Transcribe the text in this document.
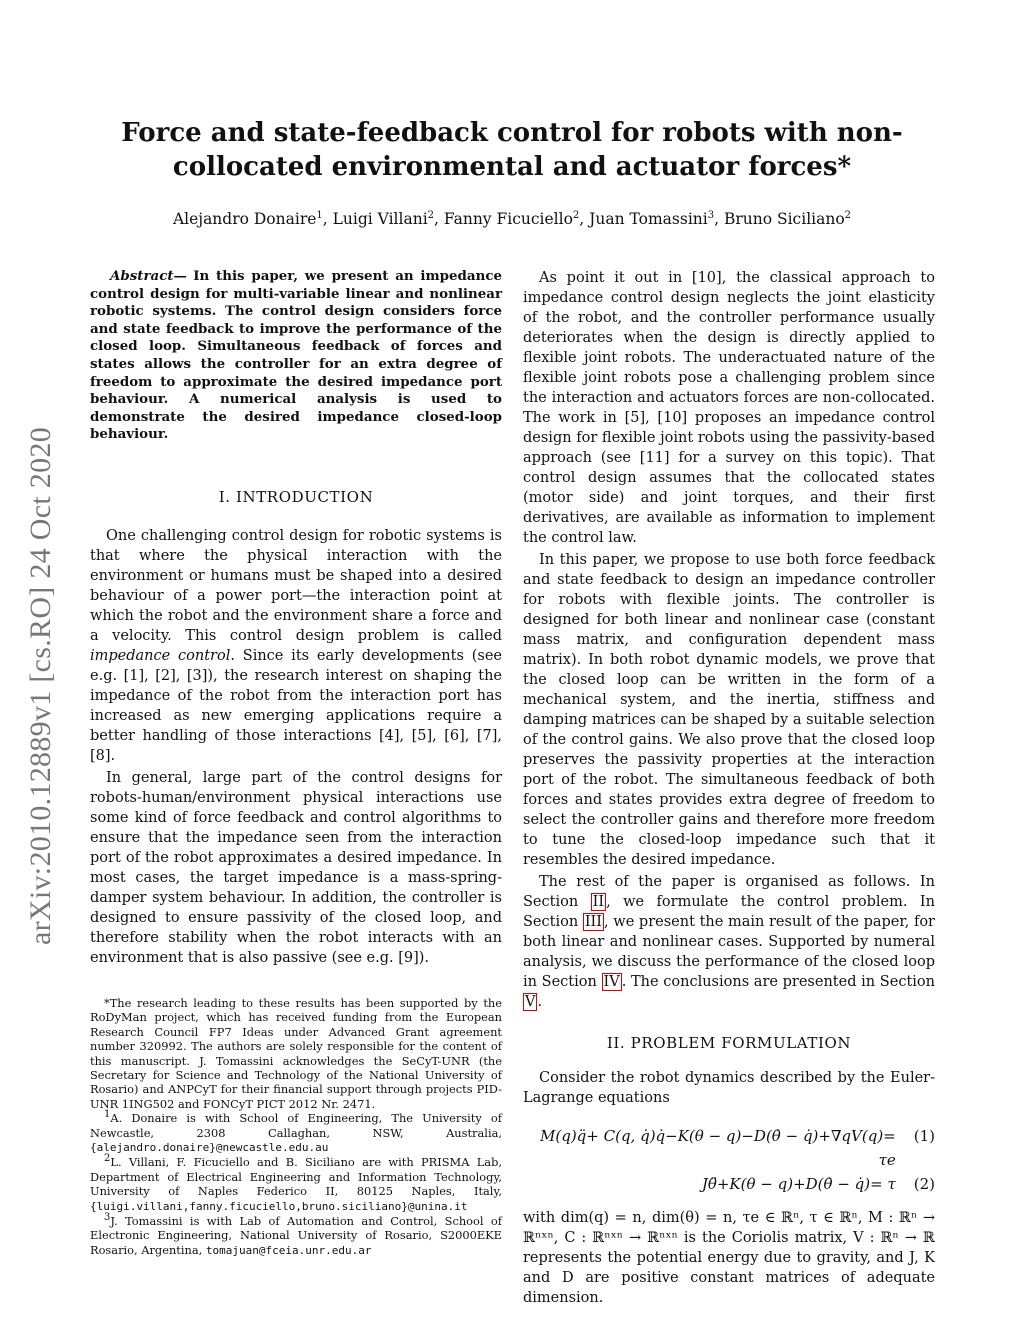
Force and state-feedback control for robots with non-collocated environmental and actuator forces*
Alejandro Donaire$^1$, Luigi Villani$^2$, Fanny Ficuciello$^2$, Juan Tomassini$^3$, Bruno Siciliano$^2$
arXiv:2010.12889v1 [cs.RO] 24 Oct 2020

Abstract— In this paper, we present an impedance control design for multi-variable linear and nonlinear robotic systems. The control design considers force and state feedback to improve the performance of the closed loop. Simultaneous feedback of forces and states allows the controller for an extra degree of freedom to approximate the desired impedance port behaviour. A numerical analysis is used to demonstrate the desired impedance closed-loop behaviour.

I. INTRODUCTION

One challenging control design for robotic systems is that where the physical interaction with the environment or humans must be shaped into a desired behaviour of a power port—the interaction point at which the robot and the environment share a force and a velocity. This control design problem is called impedance control. Since its early developments (see e.g. [1], [2], [3]), the research interest on shaping the impedance of the robot from the interaction port has increased as new emerging applications require a better handling of those interactions [4], [5], [6], [7], [8].

In general, large part of the control designs for robots-human/environment physical interactions use some kind of force feedback and control algorithms to ensure that the impedance seen from the interaction port of the robot approximates a desired impedance. In most cases, the target impedance is a mass-spring-damper system behaviour. In addition, the controller is designed to ensure passivity of the closed loop, and therefore stability when the robot interacts with an environment that is also passive (see e.g. [9]).

*The research leading to these results has been supported by the RoDyMan project, which has received funding from the European Research Council FP7 Ideas under Advanced Grant agreement number 320992. The authors are solely responsible for the content of this manuscript. J. Tomassini acknowledges the SeCyT-UNR (the Secretary for Science and Technology of the National University of Rosario) and ANPCyT for their financial support through projects PID-UNR 1ING502 and FONCyT PICT 2012 Nr. 2471.

$^1$A. Donaire is with School of Engineering, The University of Newcastle, 2308 Callaghan, NSW, Australia, {alejandro.donaire}@newcastle.edu.au

$^2$L. Villani, F. Ficuciello and B. Siciliano are with PRISMA Lab, Department of Electrical Engineering and Information Technology, University of Naples Federico II, 80125 Naples, Italy, {luigi.villani,fanny.ficuciello,bruno.siciliano}@unina.it

$^3$J. Tomassini is with Lab of Automation and Control, School of Electronic Engineering, National University of Rosario, S2000EKE Rosario, Argentina, tomajuan@fceia.unr.edu.ar

As point it out in [10], the classical approach to impedance control design neglects the joint elasticity of the robot, and the controller performance usually deteriorates when the design is directly applied to flexible joint robots. The underactuated nature of the flexible joint robots pose a challenging problem since the interaction and actuators forces are non-collocated. The work in [5], [10] proposes an impedance control design for flexible joint robots using the passivity-based approach (see [11] for a survey on this topic). That control design assumes that the collocated states (motor side) and joint torques, and their first derivatives, are available as information to implement the control law.

In this paper, we propose to use both force feedback and state feedback to design an impedance controller for robots with flexible joints. The controller is designed for both linear and nonlinear case (constant mass matrix, and configuration dependent mass matrix). In both robot dynamic models, we prove that the closed loop can be written in the form of a mechanical system, and the inertia, stiffness and damping matrices can be shaped by a suitable selection of the control gains. We also prove that the closed loop preserves the passivity properties at the interaction port of the robot. The simultaneous feedback of both forces and states provides extra degree of freedom to select the controller gains and therefore more freedom to tune the closed-loop impedance such that it resembles the desired impedance.

The rest of the paper is organised as follows. In Section II , we formulate the control problem. In Section III , we present the main result of the paper, for both linear and nonlinear cases. Supported by numeral analysis, we discuss the performance of the closed loop in Section IV . The conclusions are presented in Section V .

II. PROBLEM FORMULATION

Consider the robot dynamics described by the Euler-Lagrange equations

M(q)q̈+ C(q, q̇)q̇−K(θ − q)−D(θ̇ − q̇)+∇qV(q)= τe
(1)
Jθ̈+K(θ − q)+D(θ̇ − q̇)= τ	(2)

with dim(q) = n, dim(θ) = n, τe ∈ ℝⁿ, τ ∈ ℝⁿ, M : ℝⁿ → ℝⁿˣⁿ, C : ℝⁿˣⁿ → ℝⁿˣⁿ is the Coriolis matrix, V : ℝⁿ → ℝ represents the potential energy due to gravity, and J, K and D are positive constant matrices of adequate dimension.
